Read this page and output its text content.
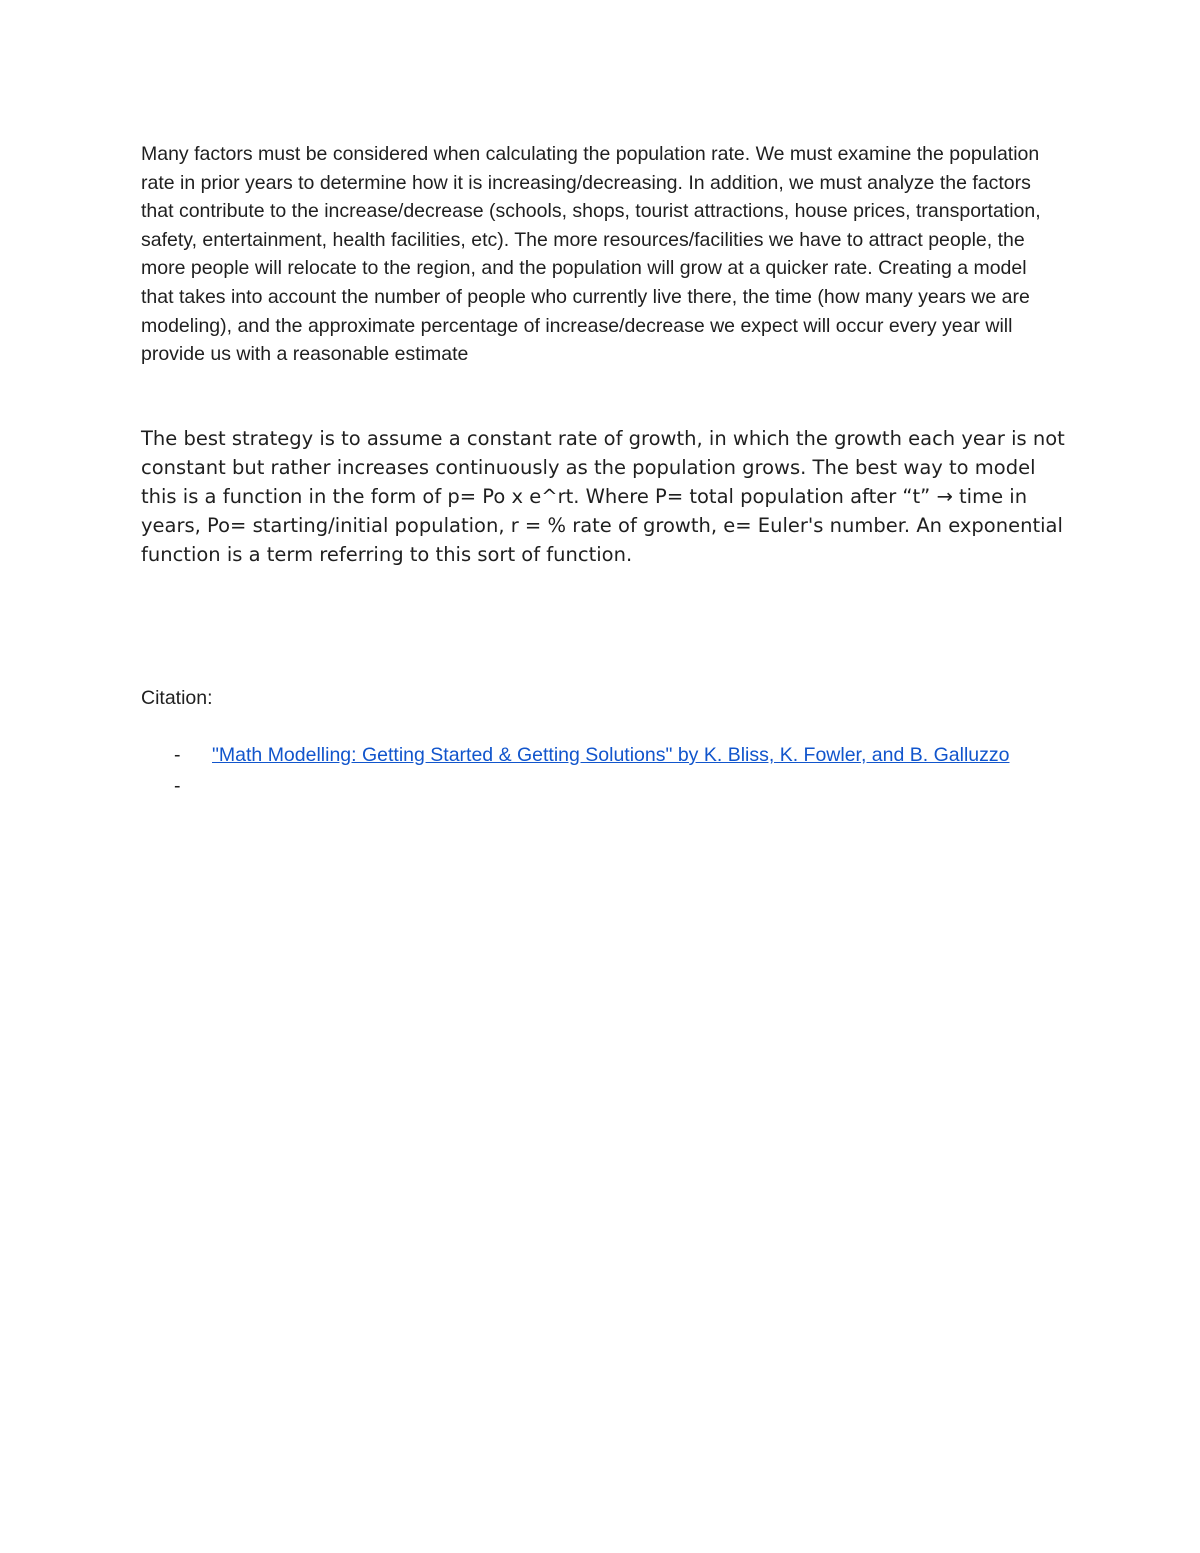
Many factors must be considered when calculating the population rate. We must examine the population rate in prior years to determine how it is increasing/decreasing. In addition, we must analyze the factors that contribute to the increase/decrease (schools, shops, tourist attractions, house prices, transportation, safety, entertainment, health facilities, etc). The more resources/facilities we have to attract people, the more people will relocate to the region, and the population will grow at a quicker rate. Creating a model that takes into account the number of people who currently live there, the time (how many years we are modeling), and the approximate percentage of increase/decrease we expect will occur every year will provide us with a reasonable estimate

The best strategy is to assume a constant rate of growth, in which the growth each year is not constant but rather increases continuously as the population grows. The best way to model this is a function in the form of p= Po x e^rt. Where P= total population after “t” → time in years, Po= starting/initial population, r = % rate of growth, e= Euler's number. An exponential function is a term referring to this sort of function.

Citation:

- "Math Modelling: Getting Started & Getting Solutions" by K. Bliss, K. Fowler, and B. Galluzzo
-
